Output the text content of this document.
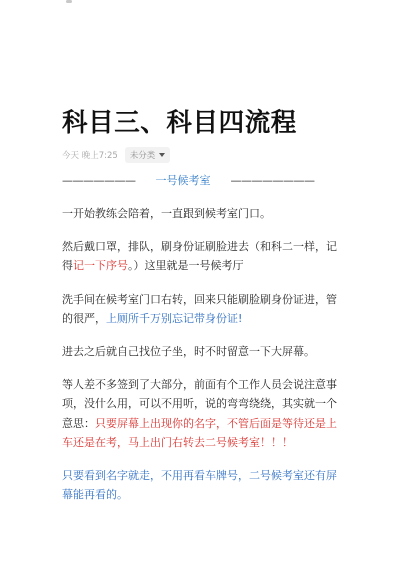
科目三、科目四流程
今天 晚上7:25 未分类
——————— 一号候考室 ————————

一开始教练会陪着，一直跟到候考室门口。

然后戴口罩，排队，刷身份证刷脸进去（和科二一样，记得记一下序号。）这里就是一号候考厅

洗手间在候考室门口右转，回来只能刷脸刷身份证进，管的很严，上厕所千万别忘记带身份证!

进去之后就自己找位子坐，时不时留意一下大屏幕。

等人差不多签到了大部分，前面有个工作人员会说注意事项，没什么用，可以不用听，说的弯弯绕绕，其实就一个意思：只要屏幕上出现你的名字，不管后面是等待还是上车还是在考，马上出门右转去二号候考室！！！

只要看到名字就走，不用再看车牌号，二号候考室还有屏幕能再看的。
